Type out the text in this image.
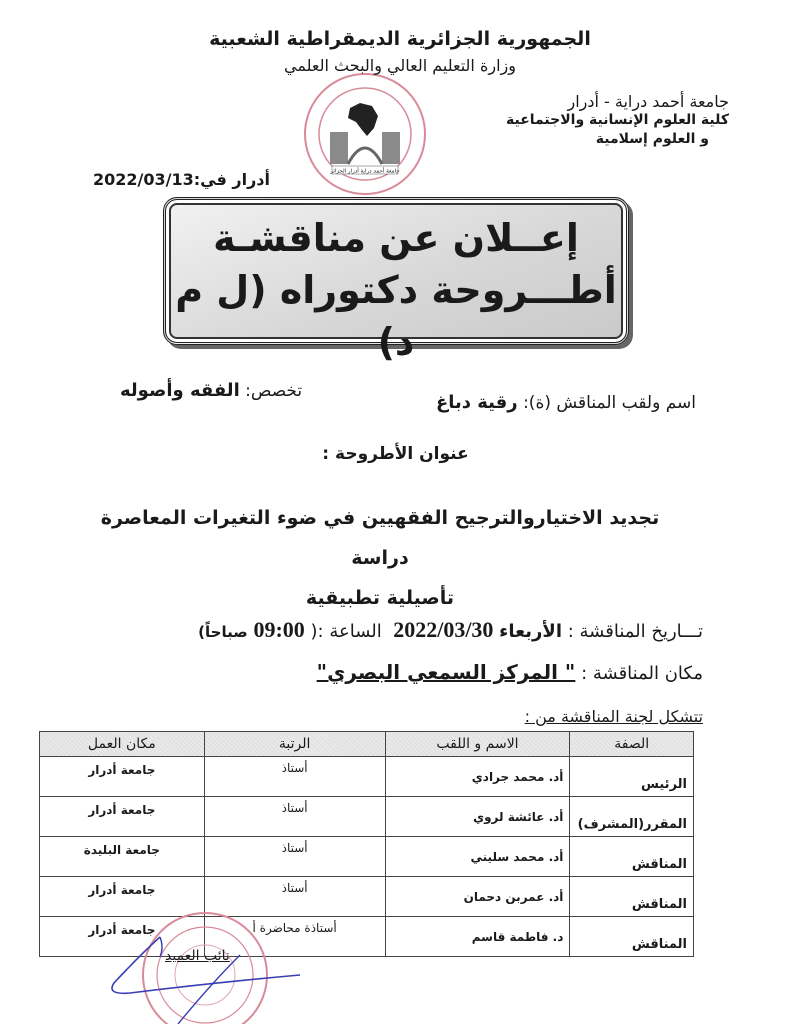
جامعة أحمد دراية أدرار الجزائر
الجمهورية الجزائرية الديمقراطية الشعبية
وزارة التعليم العالي والبحث العلمي
جامعة أحمد دراية - أدرار
كلية العلوم الإنسانية والاجتماعية
و العلوم إسلامية
أدرار في:2022/03/13
إعــلان عن مناقشـة
أطـــروحة دكتوراه (ل م د)
اسم ولقب المناقش (ة): رقية دباغ
تخصص: الفقه وأصوله
عنوان الأطروحة :
تجديد الاختياروالترجيح الفقهيين في ضوء التغيرات المعاصرة دراسة
تأصيلية تطبيقية
تـــاريخ المناقشة : الأربعاء 2022/03/30  الساعة :( 09:00 صباحاً)
مكان المناقشة : " المركز السمعي البصري"
تتشكل لجنة المناقشة من :
الصفة	الاسم و اللقب	الرتبة	مكان العمل
الرئيس	أد. محمد جرادي	أستاذ	جامعة أدرار
المقرر(المشرف)	أد. عائشة لروي	أستاذ	جامعة أدرار
المناقش	أد. محمد سليني	أستاذ	جامعة البليدة
المناقش	أد. عمربن دحمان	أستاذ	جامعة أدرار
المناقش	د. فاطمة قاسم	أستاذة محاضرة أ	جامعة أدرار
نائب العميد
